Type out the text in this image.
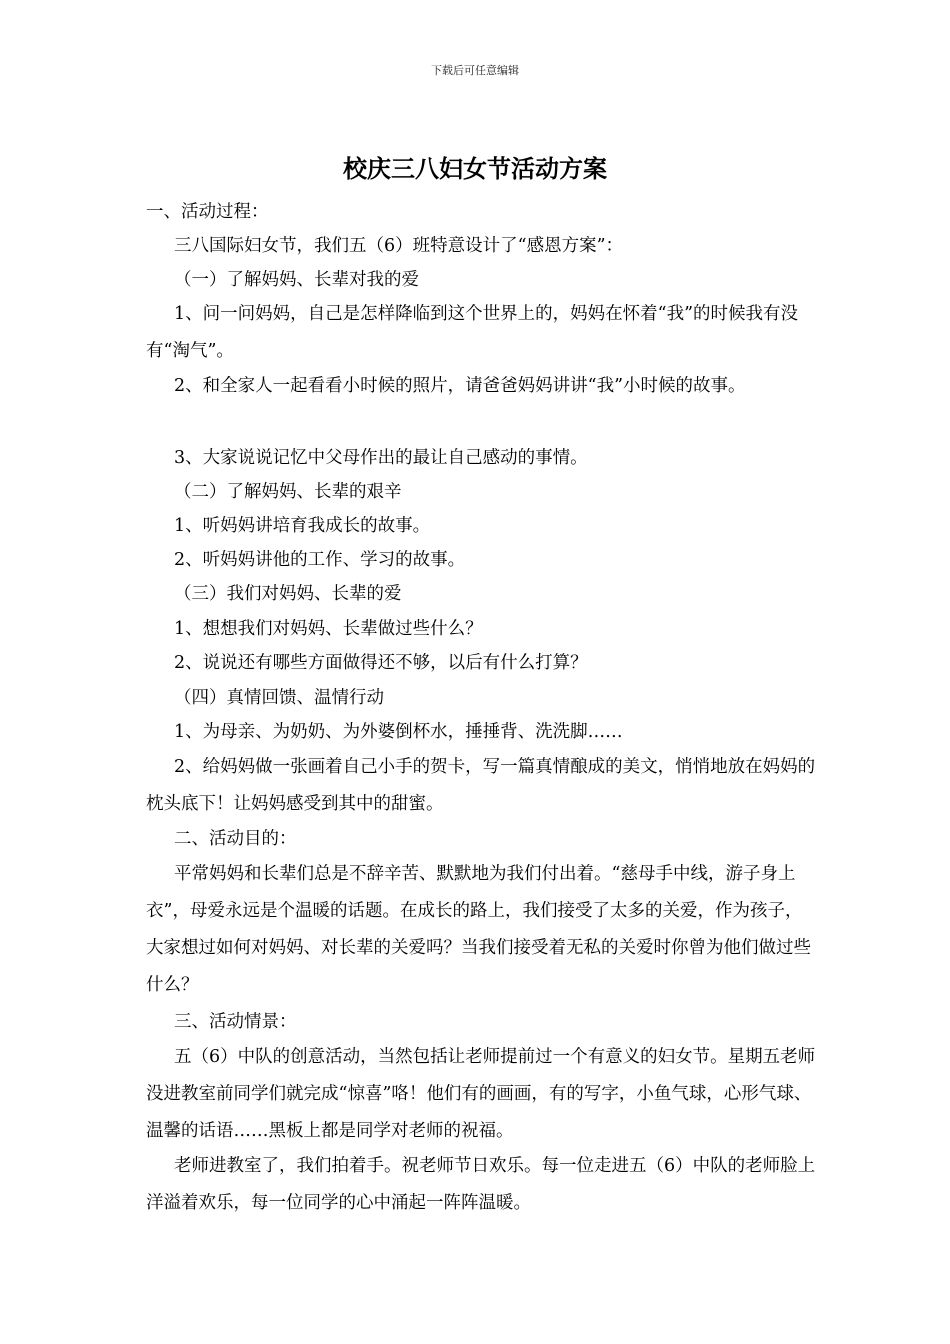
下载后可任意编辑
校庆三八妇女节活动方案

一、活动过程：

三八国际妇女节，我们五（6）班特意设计了“感恩方案”：

（一）了解妈妈、长辈对我的爱

1、问一问妈妈，自己是怎样降临到这个世界上的，妈妈在怀着“我”的时候我有没有“淘气”。

2、和全家人一起看看小时候的照片，请爸爸妈妈讲讲“我”小时候的故事。

3、大家说说记忆中父母作出的最让自己感动的事情。

（二）了解妈妈、长辈的艰辛

1、听妈妈讲培育我成长的故事。

2、听妈妈讲他的工作、学习的故事。

（三）我们对妈妈、长辈的爱

1、想想我们对妈妈、长辈做过些什么？

2、说说还有哪些方面做得还不够，以后有什么打算？

（四）真情回馈、温情行动

1、为母亲、为奶奶、为外婆倒杯水，捶捶背、洗洗脚……

2、给妈妈做一张画着自己小手的贺卡，写一篇真情酿成的美文，悄悄地放在妈妈的枕头底下！让妈妈感受到其中的甜蜜。

二、活动目的：

平常妈妈和长辈们总是不辞辛苦、默默地为我们付出着。“慈母手中线，游子身上衣”，母爱永远是个温暖的话题。在成长的路上，我们接受了太多的关爱，作为孩子，大家想过如何对妈妈、对长辈的关爱吗？当我们接受着无私的关爱时你曾为他们做过些什么？

三、活动情景：

五（6）中队的创意活动，当然包括让老师提前过一个有意义的妇女节。星期五老师没进教室前同学们就完成“惊喜”咯！他们有的画画，有的写字，小鱼气球，心形气球、温馨的话语……黑板上都是同学对老师的祝福。

老师进教室了，我们拍着手。祝老师节日欢乐。每一位走进五（6）中队的老师脸上洋溢着欢乐，每一位同学的心中涌起一阵阵温暖。
